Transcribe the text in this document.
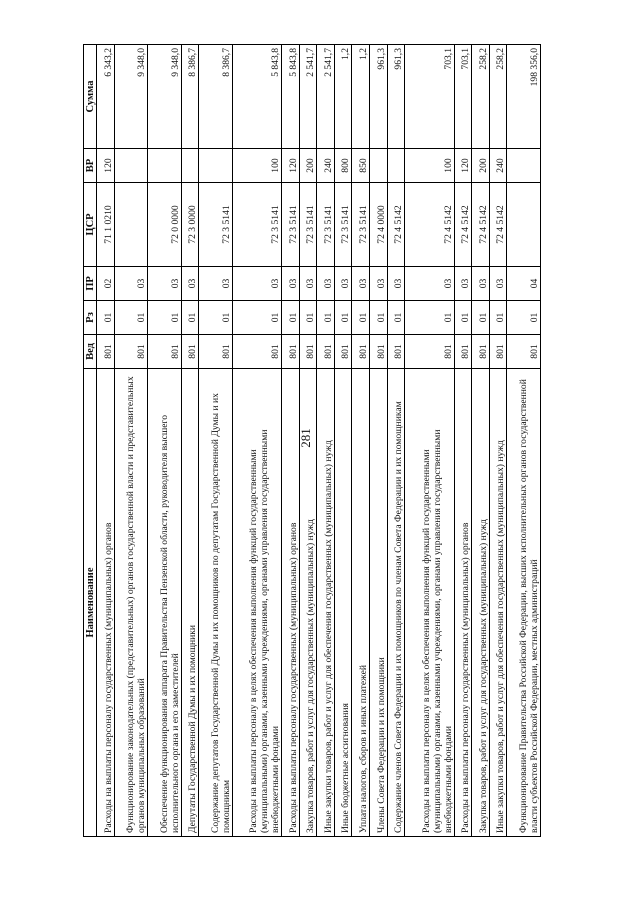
281
Наименование	Вед	Рз	ПР	ЦСР	ВР	Сумма
Расходы на выплаты персоналу государственных (муниципальных) органов	801	01	02	71 1 0210	120	6 343,2
Функционирование законодательных (представительных) органов государственной власти и представительных органов муниципальных образований	801	01	03			9 348,0
Обеспечение функционирования аппарата Правительства Пензенской области, руководителя высшего исполнительного органа и его заместителей	801	01	03	72 0 0000		9 348,0
Депутаты Государственной Думы и их помощники	801	01	03	72 3 0000		8 386,7
Содержание депутатов Государственной Думы и их помощников по депутатам Государственной Думы и их помощникам	801	01	03	72 3 5141		8 386,7
Расходы на выплаты персоналу в целях обеспечения выполнения функций государственными (муниципальными) органами, казенными учреждениями, органами управления государственными внебюджетными фондами	801	01	03	72 3 5141	100	5 843,8
Расходы на выплаты персоналу государственных (муниципальных) органов	801	01	03	72 3 5141	120	5 843,8
Закупка товаров, работ и услуг для государственных (муниципальных) нужд	801	01	03	72 3 5141	200	2 541,7
Иные закупки товаров, работ и услуг для обеспечения государственных (муниципальных) нужд	801	01	03	72 3 5141	240	2 541,7
Иные бюджетные ассигнования	801	01	03	72 3 5141	800	1,2
Уплата налогов, сборов и иных платежей	801	01	03	72 3 5141	850	1,2
Члены Совета Федерации и их помощники	801	01	03	72 4 0000		961,3
Содержание членов Совета Федерации и их помощников по членам Совета Федерации и их помощникам	801	01	03	72 4 5142		961,3
Расходы на выплаты персоналу в целях обеспечения выполнения функций государственными (муниципальными) органами, казенными учреждениями, органами управления государственными внебюджетными фондами	801	01	03	72 4 5142	100	703,1
Расходы на выплаты персоналу государственных (муниципальных) органов	801	01	03	72 4 5142	120	703,1
Закупка товаров, работ и услуг для государственных (муниципальных) нужд	801	01	03	72 4 5142	200	258,2
Иные закупки товаров, работ и услуг для обеспечения государственных (муниципальных) нужд	801	01	03	72 4 5142	240	258,2
Функционирование Правительства Российской Федерации, высших исполнительных органов государственной власти субъектов Российской Федерации, местных администраций	801	01	04			198 356,0
